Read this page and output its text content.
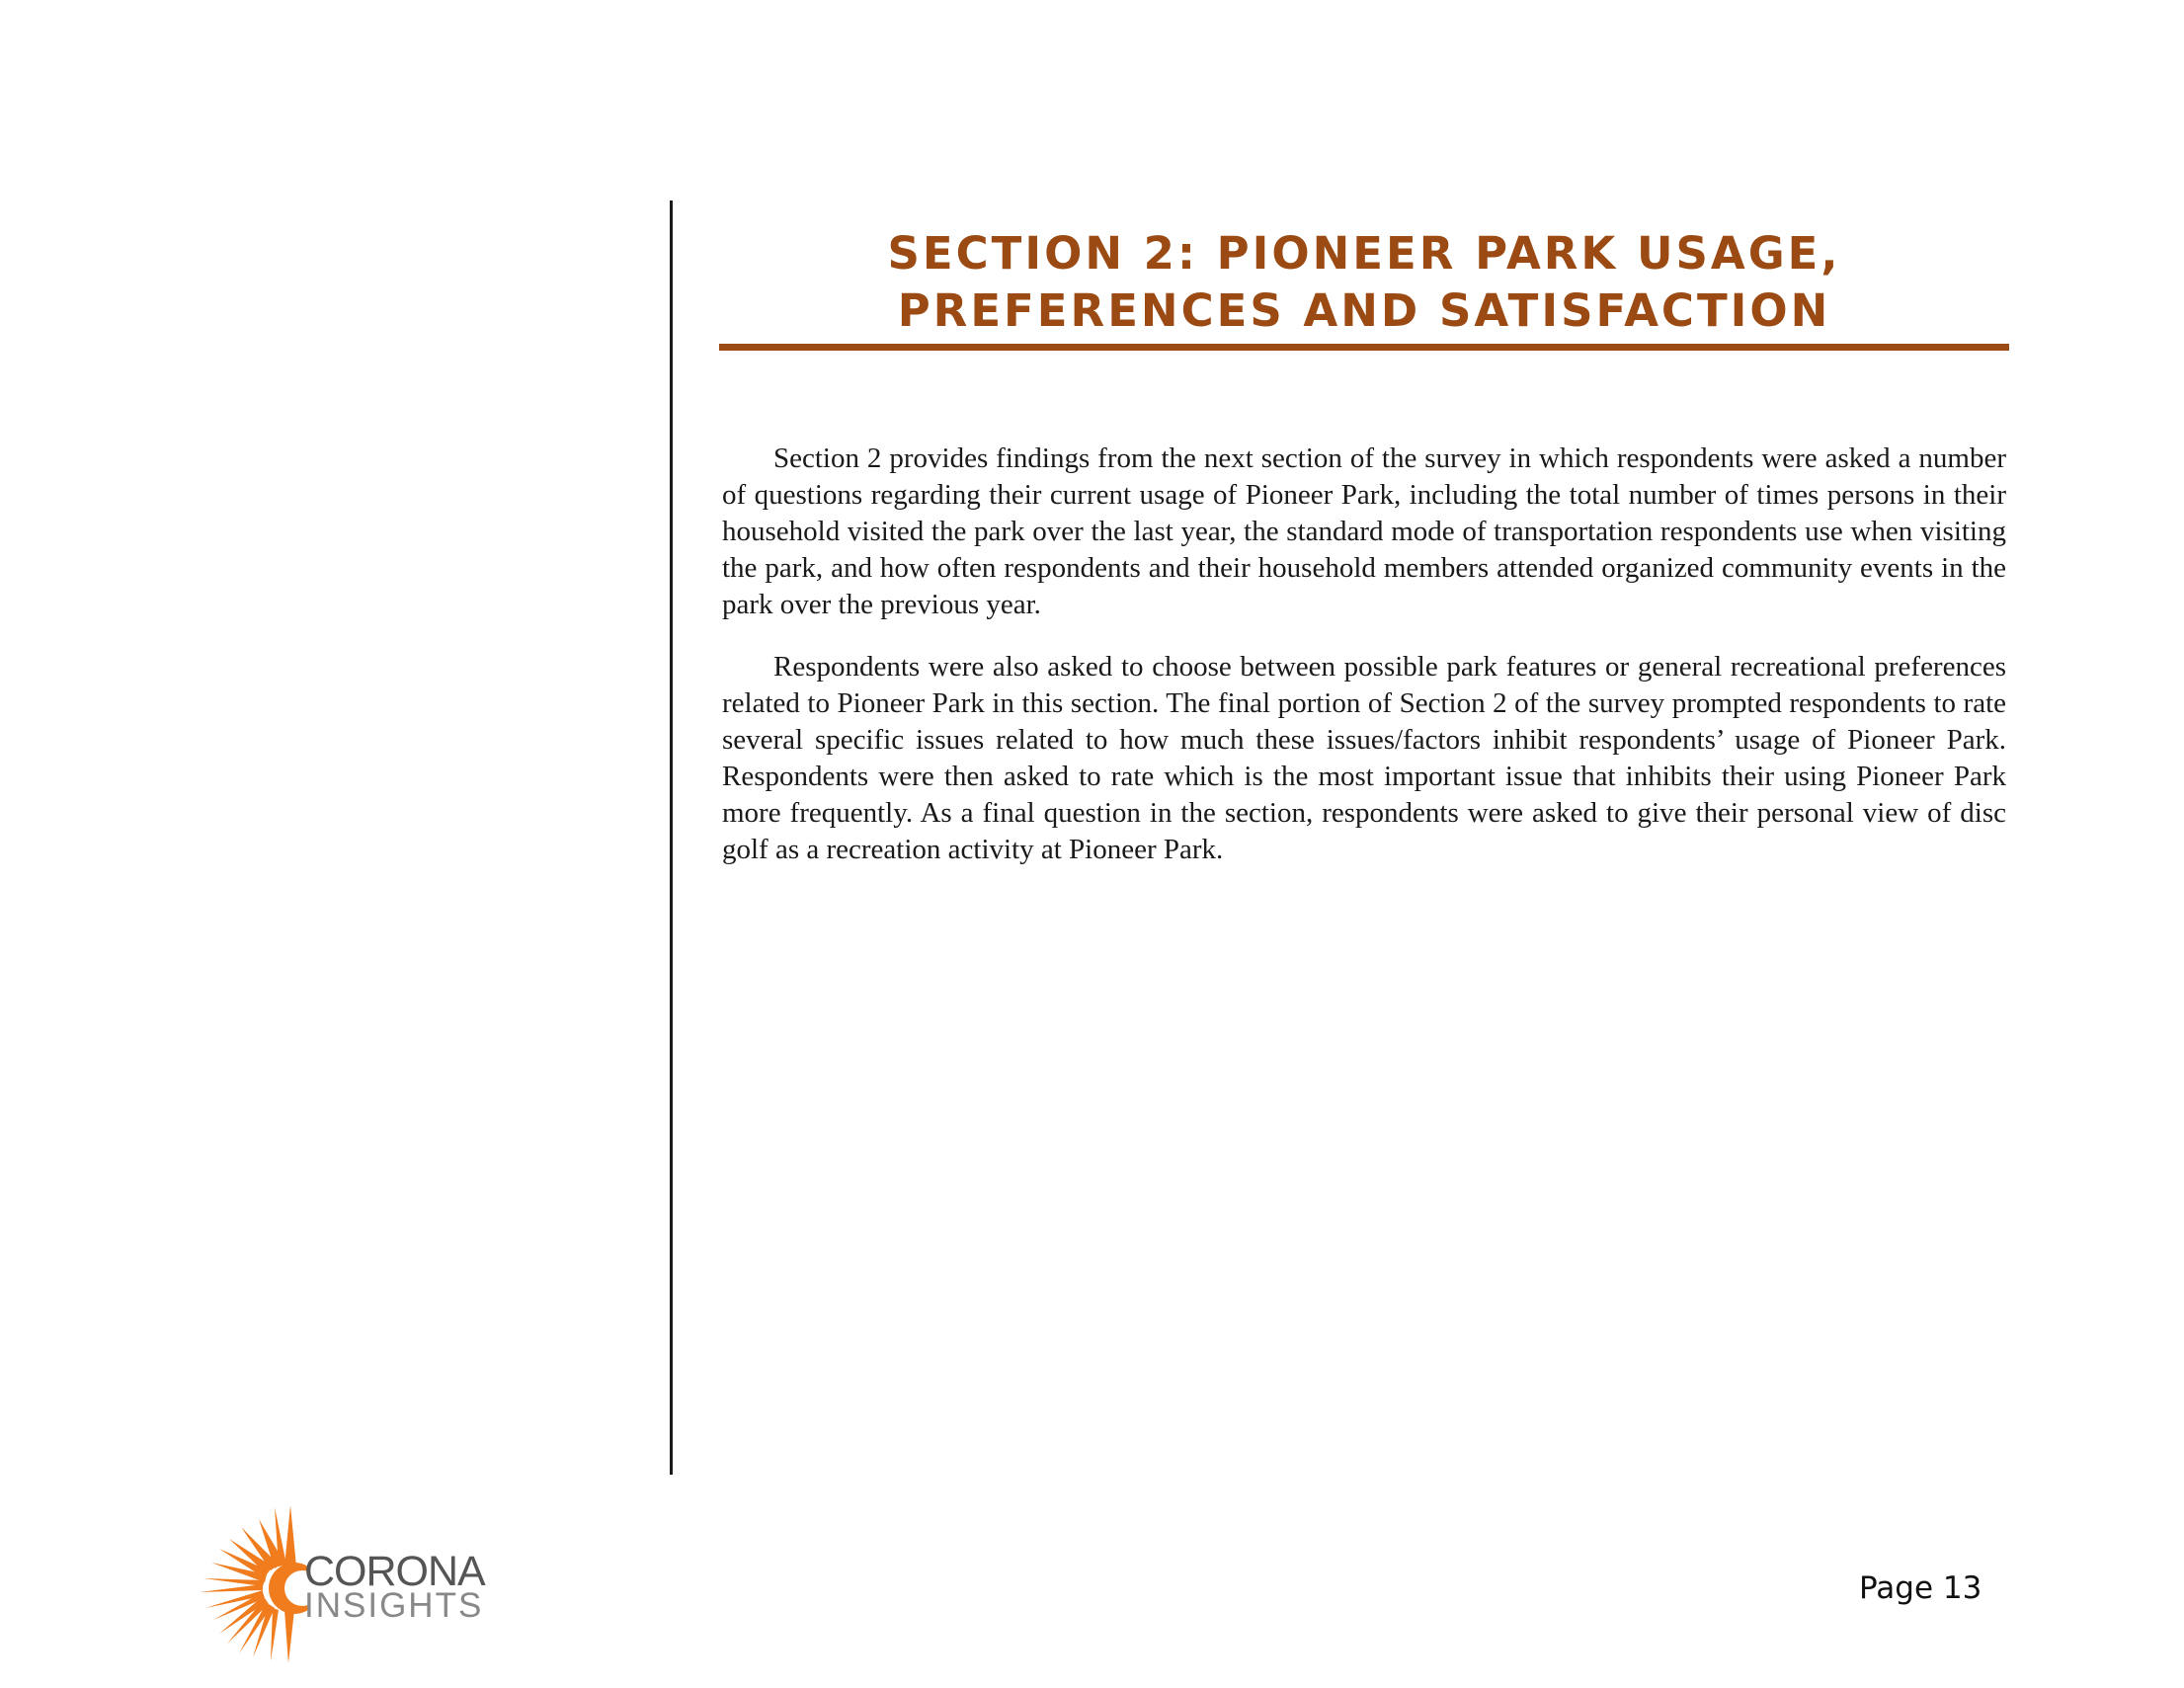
SECTION 2: PIONEER PARK USAGE,
PREFERENCES AND SATISFACTION

Section 2 provides findings from the next section of the survey in which respondents were asked a number of questions regarding their current usage of Pioneer Park, including the total number of times persons in their household visited the park over the last year, the standard mode of transportation respondents use when visiting the park, and how often respondents and their household members attended organized community events in the park over the previous year.

Respondents were also asked to choose between possible park features or general recreational preferences related to Pioneer Park in this section. The final portion of Section 2 of the survey prompted respondents to rate several specific issues related to how much these issues/factors inhibit respondents’ usage of Pioneer Park. Respondents were then asked to rate which is the most important issue that inhibits their using Pioneer Park more frequently. As a final question in the section, respondents were asked to give their personal view of disc golf as a recreation activity at Pioneer Park.

CORONA
INSIGHTS	Page 13
